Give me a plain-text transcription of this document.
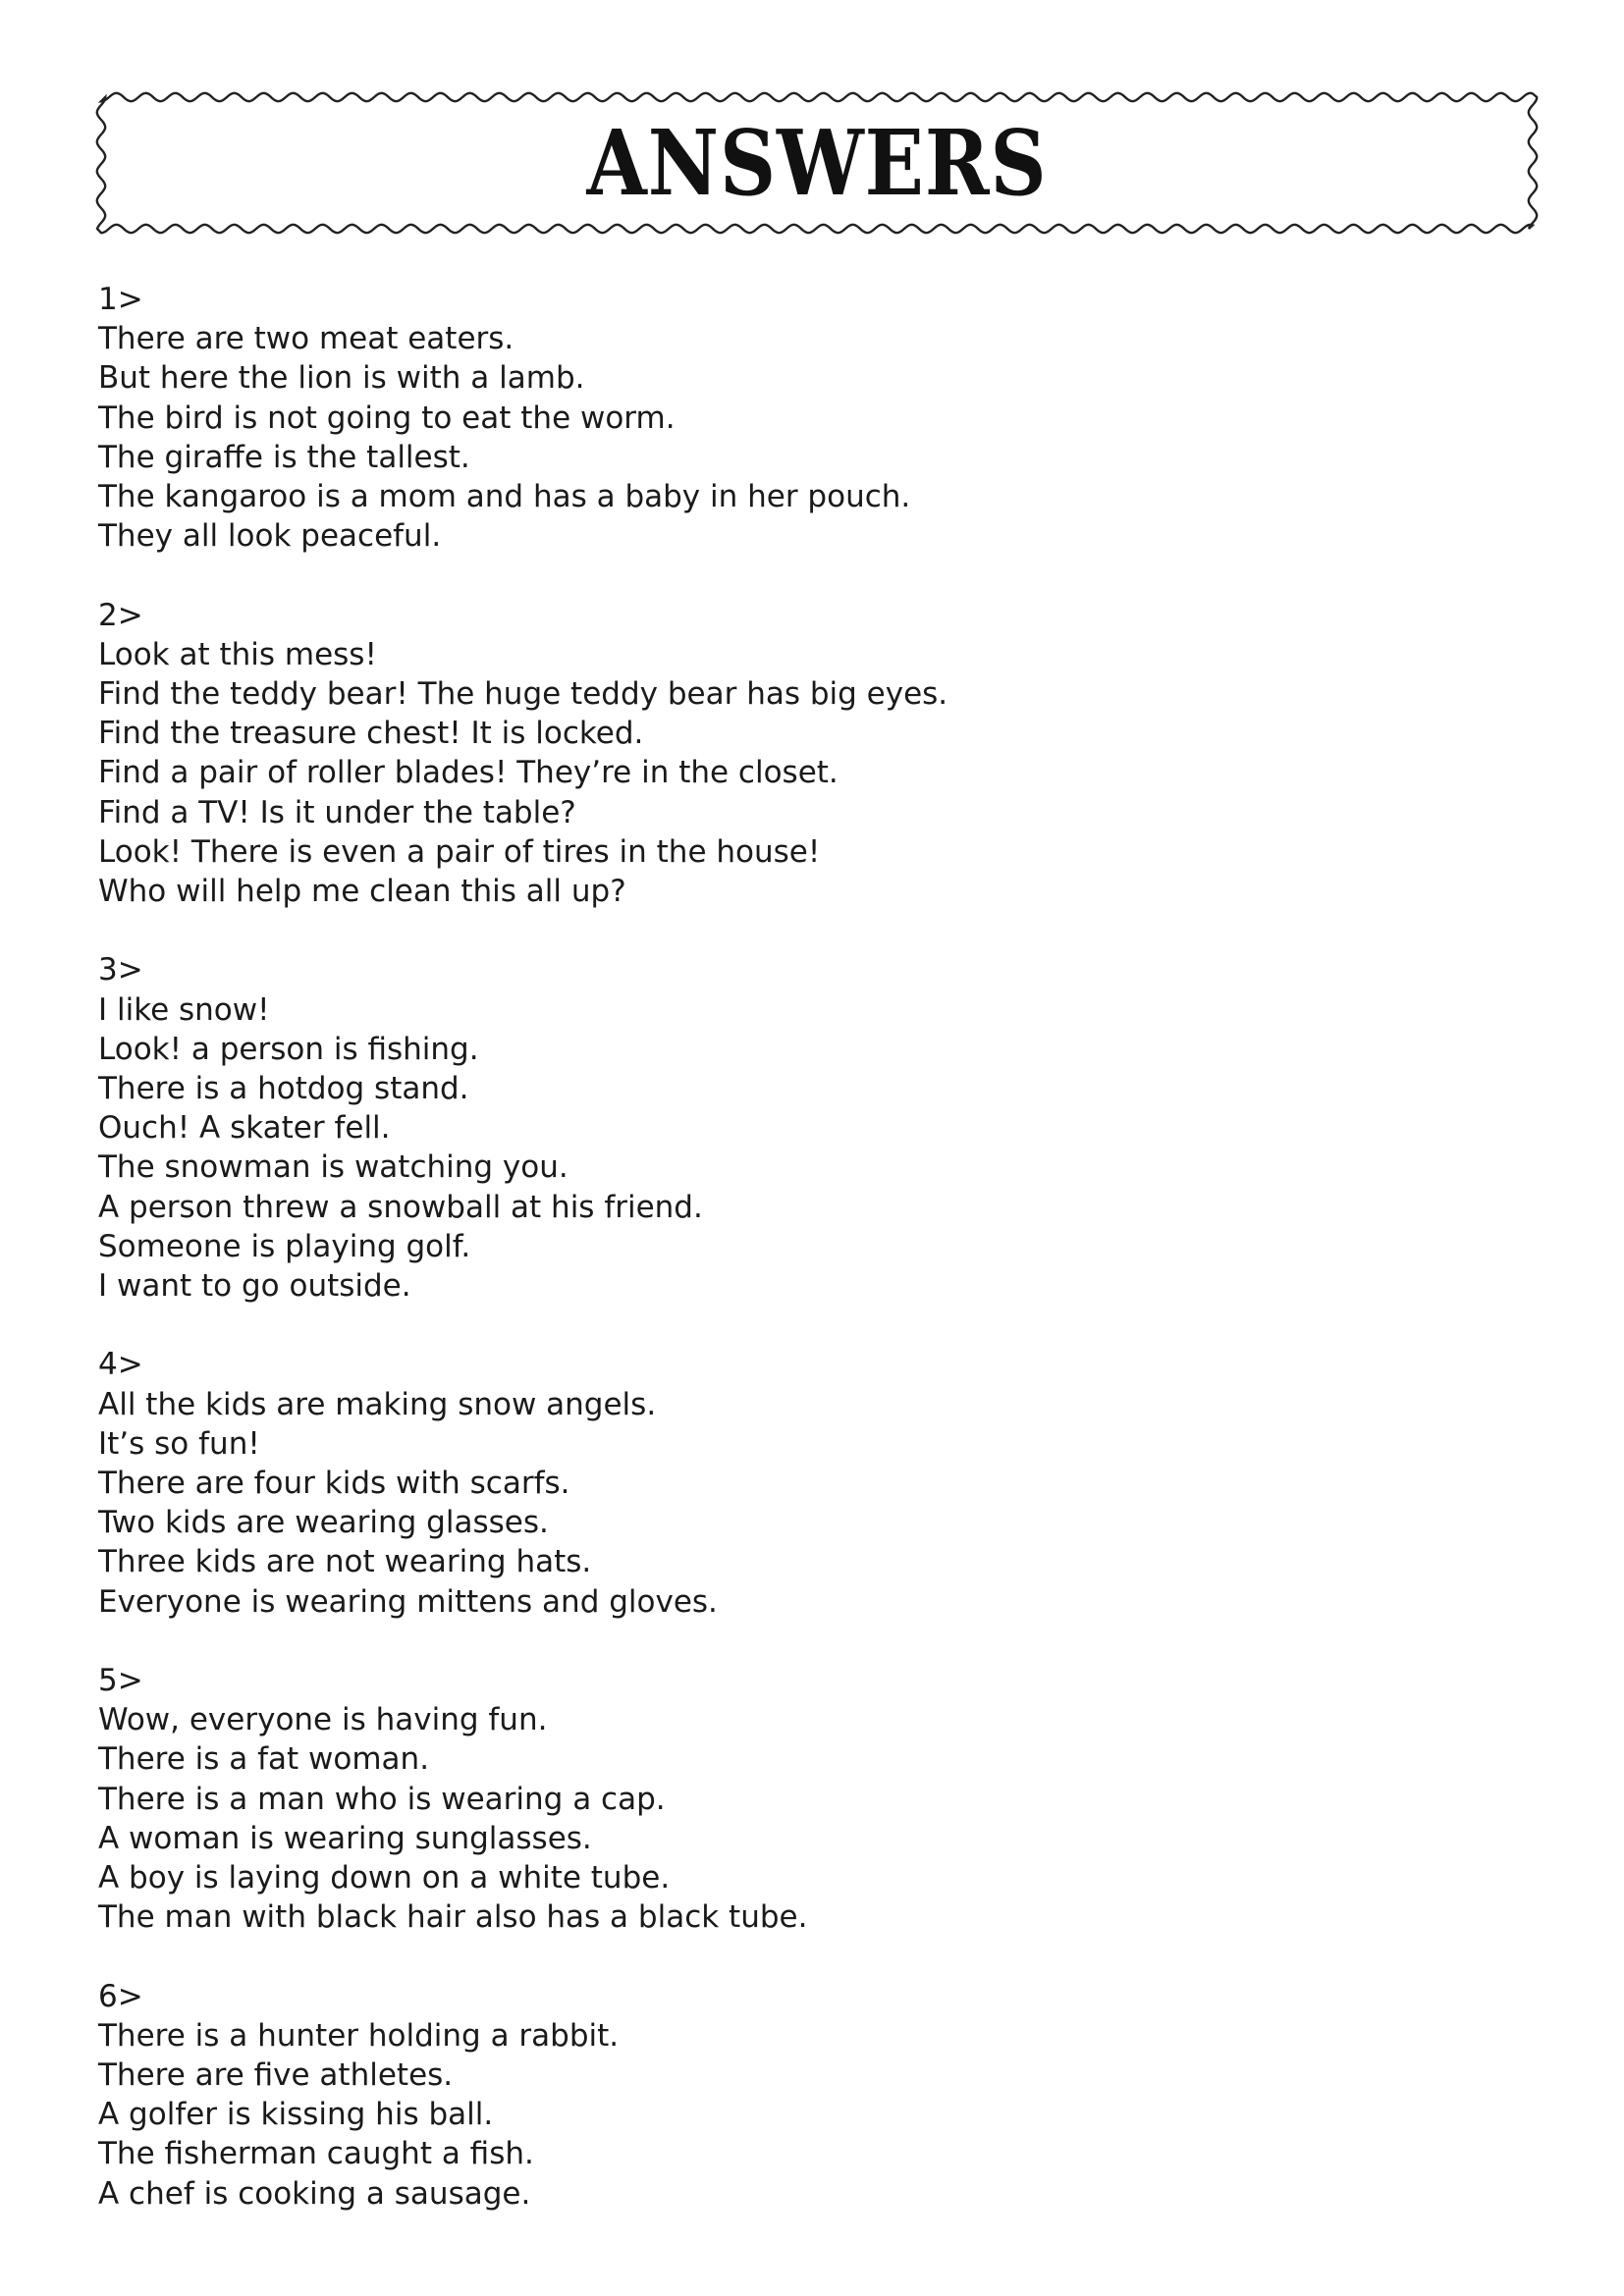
ANSWERS
1>
There are two meat eaters.
But here the lion is with a lamb.
The bird is not going to eat the worm.
The giraffe is the tallest.
The kangaroo is a mom and has a baby in her pouch.
They all look peaceful.
2>
Look at this mess!
Find the teddy bear! The huge teddy bear has big eyes.
Find the treasure chest! It is locked.
Find a pair of roller blades! They’re in the closet.
Find a TV! Is it under the table?
Look! There is even a pair of tires in the house!
Who will help me clean this all up?
3>
I like snow!
Look! a person is fishing.
There is a hotdog stand.
Ouch! A skater fell.
The snowman is watching you.
A person threw a snowball at his friend.
Someone is playing golf.
I want to go outside.
4>
All the kids are making snow angels.
It’s so fun!
There are four kids with scarfs.
Two kids are wearing glasses.
Three kids are not wearing hats.
Everyone is wearing mittens and gloves.
5>
Wow, everyone is having fun.
There is a fat woman.
There is a man who is wearing a cap.
A woman is wearing sunglasses.
A boy is laying down on a white tube.
The man with black hair also has a black tube.
6>
There is a hunter holding a rabbit.
There are five athletes.
A golfer is kissing his ball.
The fisherman caught a fish.
A chef is cooking a sausage.
